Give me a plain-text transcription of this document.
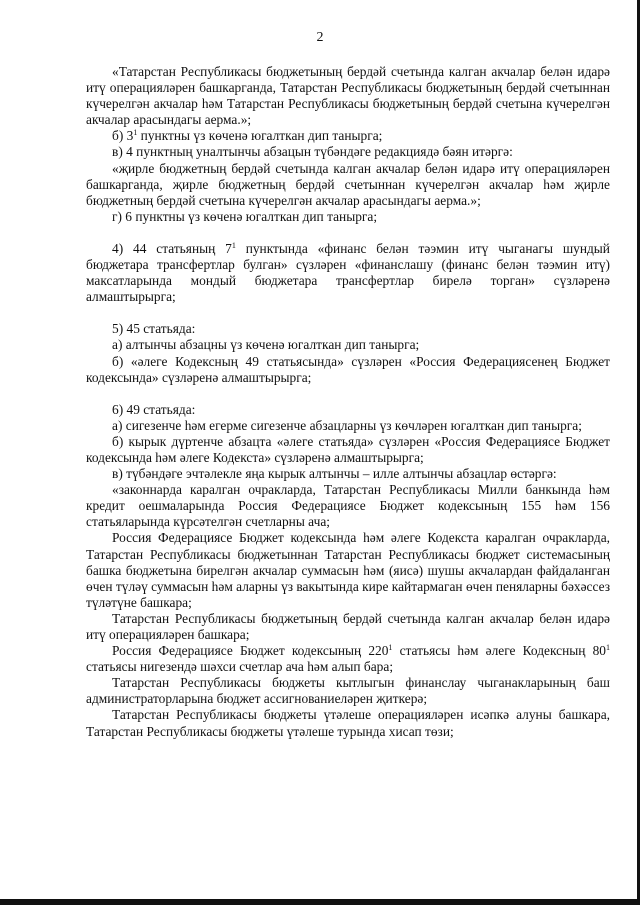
2

«Татарстан Республикасы бюджетының бердәй счетында калган акчалар белән идарә итү операцияләрен башкарганда, Татарстан Республикасы бюджетының бердәй счетыннан күчерелгән акчалар һәм Татарстан Республикасы бюджетының бердәй счетына күчерелгән акчалар арасындагы аерма.»;

б) $3^1$ пунктны үз көченә югалткан дип танырга;

в) 4 пунктның уналтынчы абзацын түбәндәге редакциядә бәян итәргә:

«җирле бюджетның бердәй счетында калган акчалар белән идарә итү операцияләрен башкарганда, җирле бюджетның бердәй счетыннан күчерелгән акчалар һәм җирле бюджетның бердәй счетына күчерелгән акчалар арасындагы аерма.»;

г) 6 пунктны үз көченә югалткан дип танырга;

4) 44 статьяның $7^1$ пунктында «финанс белән тәэмин итү чыганагы шундый бюджетара трансфертлар булган» сүзләрен «финанслашу (финанс белән тәэмин итү) максатларында мондый бюджетара трансфертлар бирелә торган» сүзләренә алмаштырырга;

5) 45 статьяда:

а) алтынчы абзацны үз көченә югалткан дип танырга;

б) «әлеге Кодексның 49 статьясында» сүзләрен «Россия Федерациясенең Бюджет кодексында» сүзләренә алмаштырырга;

6) 49 статьяда:

а) сигезенче һәм егерме сигезенче абзацларны үз көчләрен югалткан дип танырга;

б) кырык дүртенче абзацта «әлеге статьяда» сүзләрен «Россия Федерациясе Бюджет кодексында һәм әлеге Кодекста» сүзләренә алмаштырырга;

в) түбәндәге эчтәлекле яңа кырык алтынчы – илле алтынчы абзацлар өстәргә:

«законнарда каралган очракларда, Татарстан Республикасы Милли банкында һәм кредит оешмаларында Россия Федерациясе Бюджет кодексының 155 һәм 156 статьяларында күрсәтелгән счетларны ача;

Россия Федерациясе Бюджет кодексында һәм әлеге Кодекста каралган очракларда, Татарстан Республикасы бюджетыннан Татарстан Республикасы бюджет системасының башка бюджетына бирелгән акчалар суммасын һәм (яисә) шушы акчалардан файдаланган өчен түләү суммасын һәм аларны үз вакытында кире кайтармаган өчен пеняларны бәхәссез түләтүне башкара;

Татарстан Республикасы бюджетының бердәй счетында калган акчалар белән идарә итү операцияләрен башкара;

Россия Федерациясе Бюджет кодексының $220^1$ статьясы һәм әлеге Кодексның $80^1$ статьясы нигезендә шәхси счетлар ача һәм алып бара;

Татарстан Республикасы бюджеты кытлыгын финанслау чыганакларының баш администраторларына бюджет ассигнованиеләрен җиткерә;

Татарстан Республикасы бюджеты үтәлеше операцияләрен исәпкә алуны башкара, Татарстан Республикасы бюджеты үтәлеше турында хисап төзи;
